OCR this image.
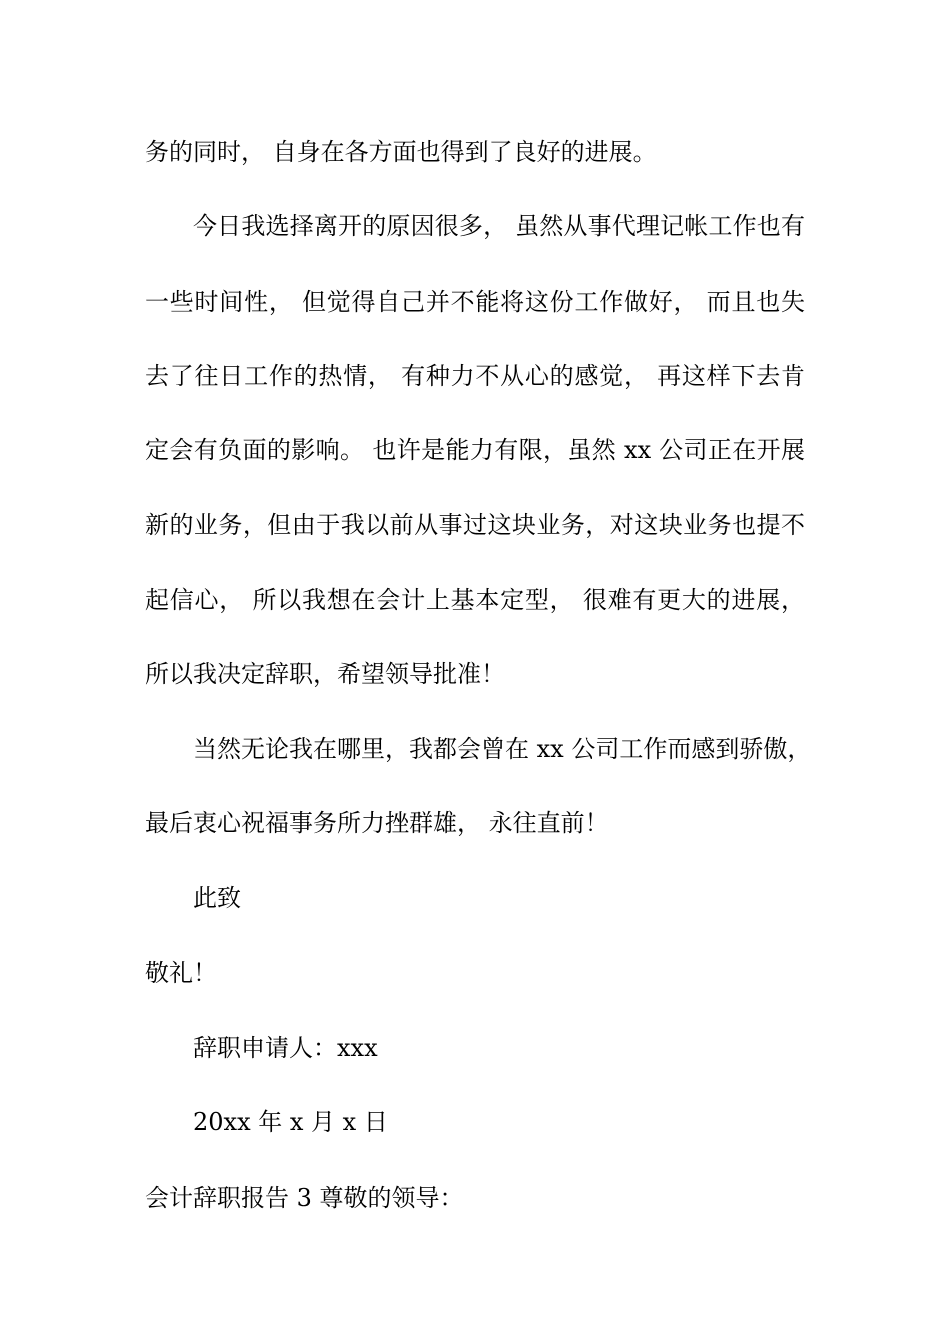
务的同时， 自身在各方面也得到了良好的进展。
今日我选择离开的原因很多， 虽然从事代理记帐工作也有
一些时间性， 但觉得自己并不能将这份工作做好， 而且也失
去了往日工作的热情， 有种力不从心的感觉， 再这样下去肯
定会有负面的影响。 也许是能力有限，虽然 xx 公司正在开展
新的业务，但由于我以前从事过这块业务，对这块业务也提不
起信心， 所以我想在会计上基本定型， 很难有更大的进展，
所以我决定辞职，希望领导批准！
当然无论我在哪里，我都会曾在 xx 公司工作而感到骄傲，
最后衷心祝福事务所力挫群雄， 永往直前！
此致
敬礼！
辞职申请人：xxx
20xx 年 x 月 x 日
会计辞职报告 3 尊敬的领导：
